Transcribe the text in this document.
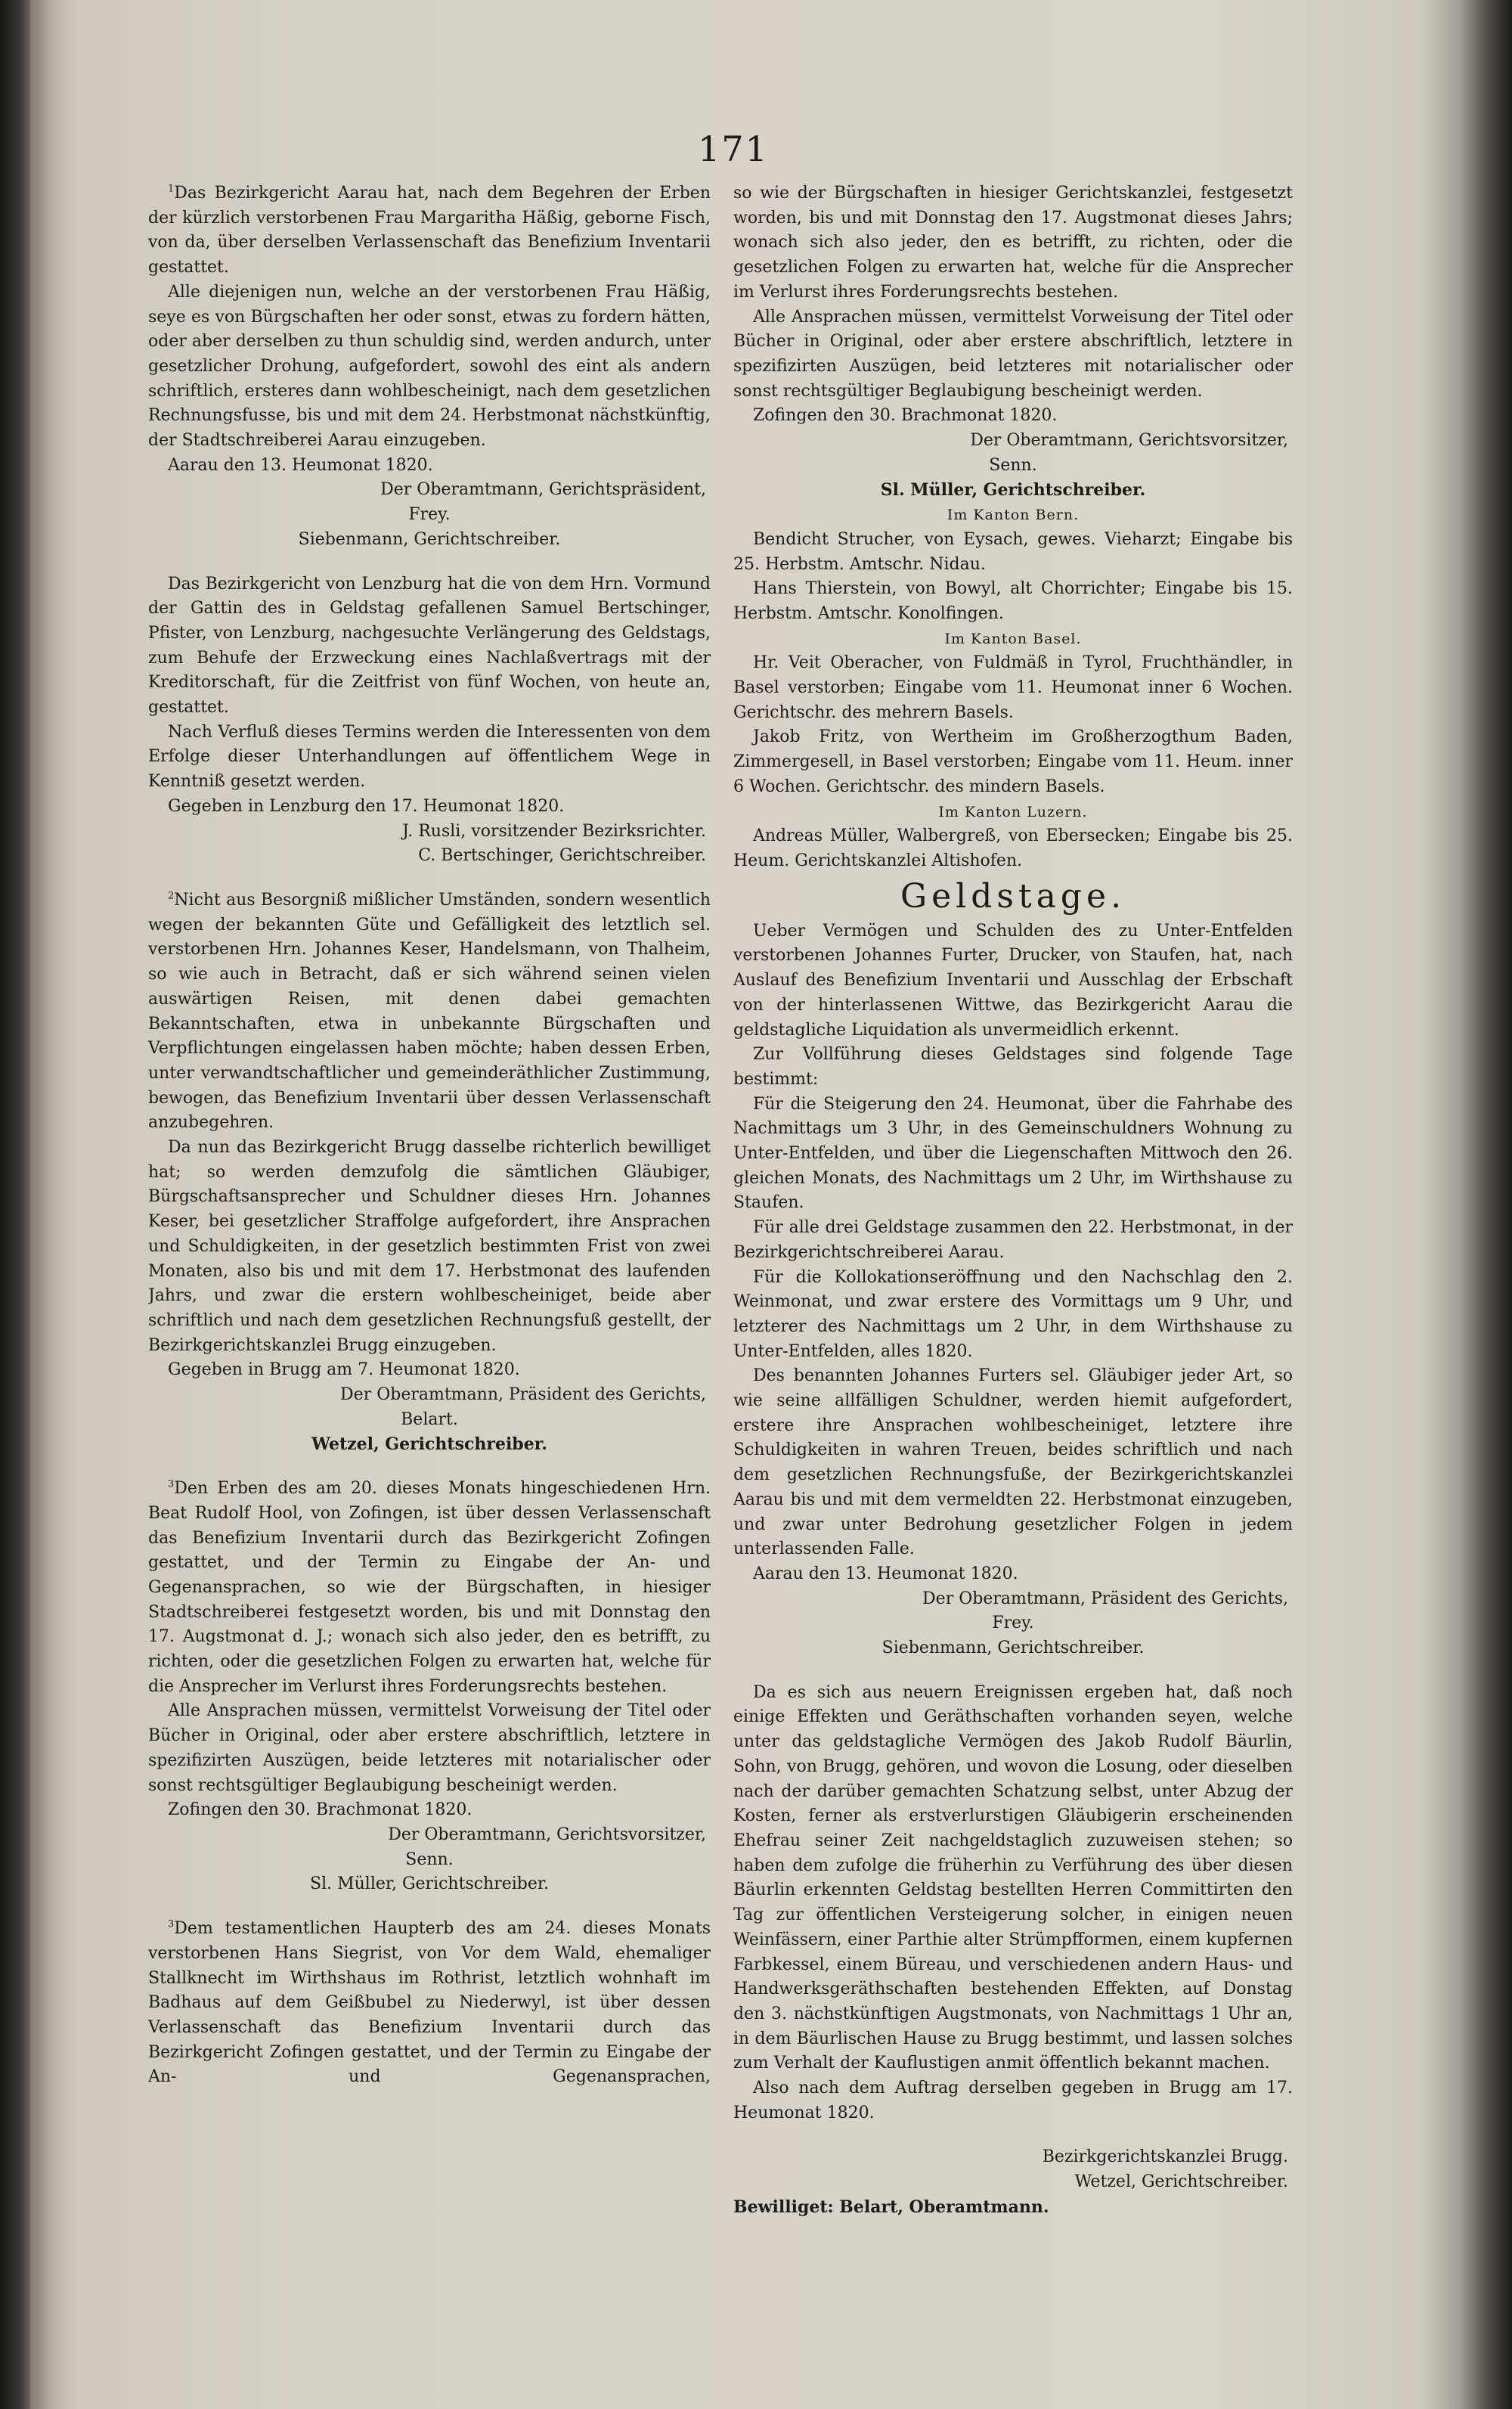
171

$^1$Das Bezirkgericht Aarau hat, nach dem Begehren der Erben der kürzlich verstorbenen Frau Margaritha Häßig, geborne Fisch, von da, über derselben Verlassenschaft das Benefizium Inventarii gestattet.

Alle diejenigen nun, welche an der verstorbenen Frau Häßig, seye es von Bürgschaften her oder sonst, etwas zu fordern hätten, oder aber derselben zu thun schuldig sind, werden andurch, unter gesetzlicher Drohung, aufgefordert, sowohl des eint als andern schriftlich, ersteres dann wohlbescheinigt, nach dem gesetzlichen Rechnungsfusse, bis und mit dem 24. Herbstmonat nächstkünftig, der Stadtschreiberei Aarau einzugeben.

Aarau den 13. Heumonat 1820.

Der Oberamtmann, Gerichtspräsident,

Frey.

Siebenmann, Gerichtschreiber.

Das Bezirkgericht von Lenzburg hat die von dem Hrn. Vormund der Gattin des in Geldstag gefallenen Samuel Bertschinger, Pfister, von Lenzburg, nachgesuchte Verlängerung des Geldstags, zum Behufe der Erzweckung eines Nachlaßvertrags mit der Kreditorschaft, für die Zeitfrist von fünf Wochen, von heute an, gestattet.

Nach Verfluß dieses Termins werden die Interessenten von dem Erfolge dieser Unterhandlungen auf öffentlichem Wege in Kenntniß gesetzt werden.

Gegeben in Lenzburg den 17. Heumonat 1820.

J. Rusli, vorsitzender Bezirksrichter.

C. Bertschinger, Gerichtschreiber.

$^2$Nicht aus Besorgniß mißlicher Umständen, sondern wesentlich wegen der bekannten Güte und Gefälligkeit des letztlich sel. verstorbenen Hrn. Johannes Keser, Handelsmann, von Thalheim, so wie auch in Betracht, daß er sich während seinen vielen auswärtigen Reisen, mit denen dabei gemachten Bekanntschaften, etwa in unbekannte Bürgschaften und Verpflichtungen eingelassen haben möchte; haben dessen Erben, unter verwandtschaftlicher und gemeinderäthlicher Zustimmung, bewogen, das Benefizium Inventarii über dessen Verlassenschaft anzubegehren.

Da nun das Bezirkgericht Brugg dasselbe richterlich bewilliget hat; so werden demzufolg die sämtlichen Gläubiger, Bürgschaftsansprecher und Schuldner dieses Hrn. Johannes Keser, bei gesetzlicher Straffolge aufgefordert, ihre Ansprachen und Schuldigkeiten, in der gesetzlich bestimmten Frist von zwei Monaten, also bis und mit dem 17. Herbstmonat des laufenden Jahrs, und zwar die erstern wohlbescheiniget, beide aber schriftlich und nach dem gesetzlichen Rechnungsfuß gestellt, der Bezirkgerichtskanzlei Brugg einzugeben.

Gegeben in Brugg am 7. Heumonat 1820.

Der Oberamtmann, Präsident des Gerichts,

Belart.

Wetzel, Gerichtschreiber.

$^3$Den Erben des am 20. dieses Monats hingeschiedenen Hrn. Beat Rudolf Hool, von Zofingen, ist über dessen Verlassenschaft das Benefizium Inventarii durch das Bezirkgericht Zofingen gestattet, und der Termin zu Eingabe der An- und Gegenansprachen, so wie der Bürgschaften, in hiesiger Stadtschreiberei festgesetzt worden, bis und mit Donnstag den 17. Augstmonat d. J.; wonach sich also jeder, den es betrifft, zu richten, oder die gesetzlichen Folgen zu erwarten hat, welche für die Ansprecher im Verlurst ihres Forderungsrechts bestehen.

Alle Ansprachen müssen, vermittelst Vorweisung der Titel oder Bücher in Original, oder aber erstere abschriftlich, letztere in spezifizirten Auszügen, beide letzteres mit notarialischer oder sonst rechtsgültiger Beglaubigung bescheinigt werden.

Zofingen den 30. Brachmonat 1820.

Der Oberamtmann, Gerichtsvorsitzer,

Senn.

Sl. Müller, Gerichtschreiber.

$^3$Dem testamentlichen Haupterb des am 24. dieses Monats verstorbenen Hans Siegrist, von Vor dem Wald, ehemaliger Stallknecht im Wirthshaus im Rothrist, letztlich wohnhaft im Badhaus auf dem Geißbubel zu Niederwyl, ist über dessen Verlassenschaft das Benefizium Inventarii durch das Bezirkgericht Zofingen gestattet, und der Termin zu Eingabe der An- und Gegenansprachen,

so wie der Bürgschaften in hiesiger Gerichtskanzlei, festgesetzt worden, bis und mit Donnstag den 17. Augstmonat dieses Jahrs; wonach sich also jeder, den es betrifft, zu richten, oder die gesetzlichen Folgen zu erwarten hat, welche für die Ansprecher im Verlurst ihres Forderungsrechts bestehen.

Alle Ansprachen müssen, vermittelst Vorweisung der Titel oder Bücher in Original, oder aber erstere abschriftlich, letztere in spezifizirten Auszügen, beid letzteres mit notarialischer oder sonst rechtsgültiger Beglaubigung bescheinigt werden.

Zofingen den 30. Brachmonat 1820.

Der Oberamtmann, Gerichtsvorsitzer,

Senn.

Sl. Müller, Gerichtschreiber.

Im Kanton Bern.

Bendicht Strucher, von Eysach, gewes. Vieharzt; Eingabe bis 25. Herbstm. Amtschr. Nidau.

Hans Thierstein, von Bowyl, alt Chorrichter; Eingabe bis 15. Herbstm. Amtschr. Konolfingen.

Im Kanton Basel.

Hr. Veit Oberacher, von Fuldmäß in Tyrol, Fruchthändler, in Basel verstorben; Eingabe vom 11. Heumonat inner 6 Wochen. Gerichtschr. des mehrern Basels.

Jakob Fritz, von Wertheim im Großherzogthum Baden, Zimmergesell, in Basel verstorben; Eingabe vom 11. Heum. inner 6 Wochen. Gerichtschr. des mindern Basels.

Im Kanton Luzern.

Andreas Müller, Walbergreß, von Ebersecken; Eingabe bis 25. Heum. Gerichtskanzlei Altishofen.

Geldstage.

Ueber Vermögen und Schulden des zu Unter-Entfelden verstorbenen Johannes Furter, Drucker, von Staufen, hat, nach Auslauf des Benefizium Inventarii und Ausschlag der Erbschaft von der hinterlassenen Wittwe, das Bezirkgericht Aarau die geldstagliche Liquidation als unvermeidlich erkennt.

Zur Vollführung dieses Geldstages sind folgende Tage bestimmt:

Für die Steigerung den 24. Heumonat, über die Fahrhabe des Nachmittags um 3 Uhr, in des Gemeinschuldners Wohnung zu Unter-Entfelden, und über die Liegenschaften Mittwoch den 26. gleichen Monats, des Nachmittags um 2 Uhr, im Wirthshause zu Staufen.

Für alle drei Geldstage zusammen den 22. Herbstmonat, in der Bezirkgerichtschreiberei Aarau.

Für die Kollokationseröffnung und den Nachschlag den 2. Weinmonat, und zwar erstere des Vormittags um 9 Uhr, und letzterer des Nachmittags um 2 Uhr, in dem Wirthshause zu Unter-Entfelden, alles 1820.

Des benannten Johannes Furters sel. Gläubiger jeder Art, so wie seine allfälligen Schuldner, werden hiemit aufgefordert, erstere ihre Ansprachen wohlbescheiniget, letztere ihre Schuldigkeiten in wahren Treuen, beides schriftlich und nach dem gesetzlichen Rechnungsfuße, der Bezirkgerichtskanzlei Aarau bis und mit dem vermeldten 22. Herbstmonat einzugeben, und zwar unter Bedrohung gesetzlicher Folgen in jedem unterlassenden Falle.

Aarau den 13. Heumonat 1820.

Der Oberamtmann, Präsident des Gerichts,

Frey.

Siebenmann, Gerichtschreiber.

Da es sich aus neuern Ereignissen ergeben hat, daß noch einige Effekten und Geräthschaften vorhanden seyen, welche unter das geldstagliche Vermögen des Jakob Rudolf Bäurlin, Sohn, von Brugg, gehören, und wovon die Losung, oder dieselben nach der darüber gemachten Schatzung selbst, unter Abzug der Kosten, ferner als erstverlurstigen Gläubigerin erscheinenden Ehefrau seiner Zeit nachgeldstaglich zuzuweisen stehen; so haben dem zufolge die früherhin zu Verführung des über diesen Bäurlin erkennten Geldstag bestellten Herren Committirten den Tag zur öffentlichen Versteigerung solcher, in einigen neuen Weinfässern, einer Parthie alter Strümpfformen, einem kupfernen Farbkessel, einem Büreau, und verschiedenen andern Haus- und Handwerksgeräthschaften bestehenden Effekten, auf Donstag den 3. nächstkünftigen Augstmonats, von Nachmittags 1 Uhr an, in dem Bäurlischen Hause zu Brugg bestimmt, und lassen solches zum Verhalt der Kauflustigen anmit öffentlich bekannt machen.

Also nach dem Auftrag derselben gegeben in Brugg am 17. Heumonat 1820.

Bezirkgerichtskanzlei Brugg.

Wetzel, Gerichtschreiber.

Bewilliget: Belart, Oberamtmann.
